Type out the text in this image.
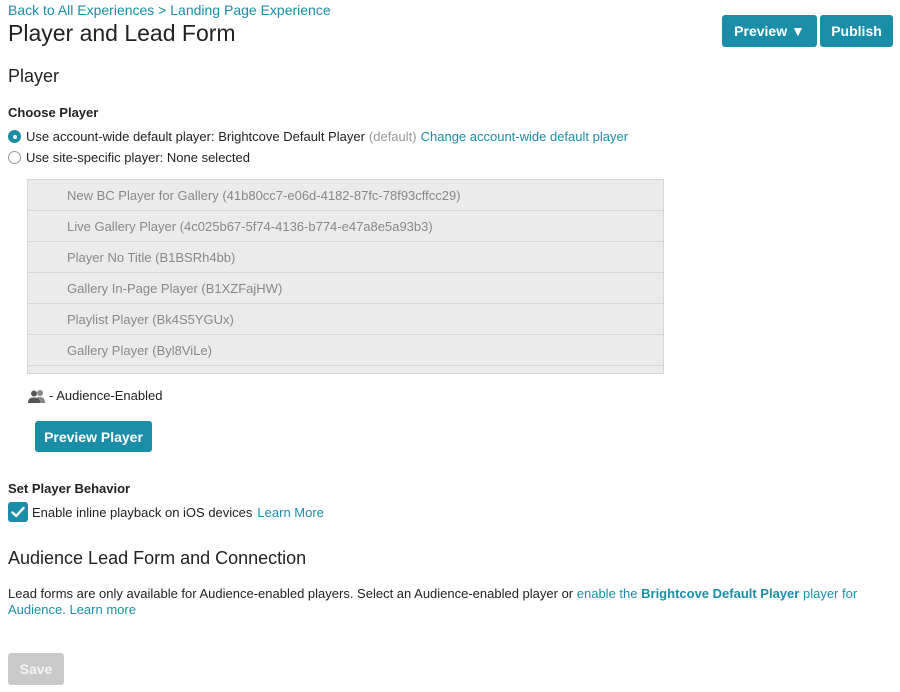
Back to All Experiences > Landing Page Experience
Player and Lead Form	Preview ▼	Publish
Player
Choose Player
Use account-wide default player: Brightcove Default Player (default) Change account-wide default player
Use site-specific player: None selected
New BC Player for Gallery (41b80cc7-e06d-4182-87fc-78f93cffcc29)
Live Gallery Player (4c025b67-5f74-4136-b774-e47a8e5a93b3)
Player No Title (B1BSRh4bb)
Gallery In-Page Player (B1XZFajHW)
Playlist Player (Bk4S5YGUx)
Gallery Player (Byl8ViLe)
- Audience-Enabled
Preview Player
Set Player Behavior
Enable inline playback on iOS devices Learn More
Audience Lead Form and Connection

Lead forms are only available for Audience-enabled players. Select an Audience-enabled player or enable the Brightcove Default Player player for Audience. Learn more

Save
